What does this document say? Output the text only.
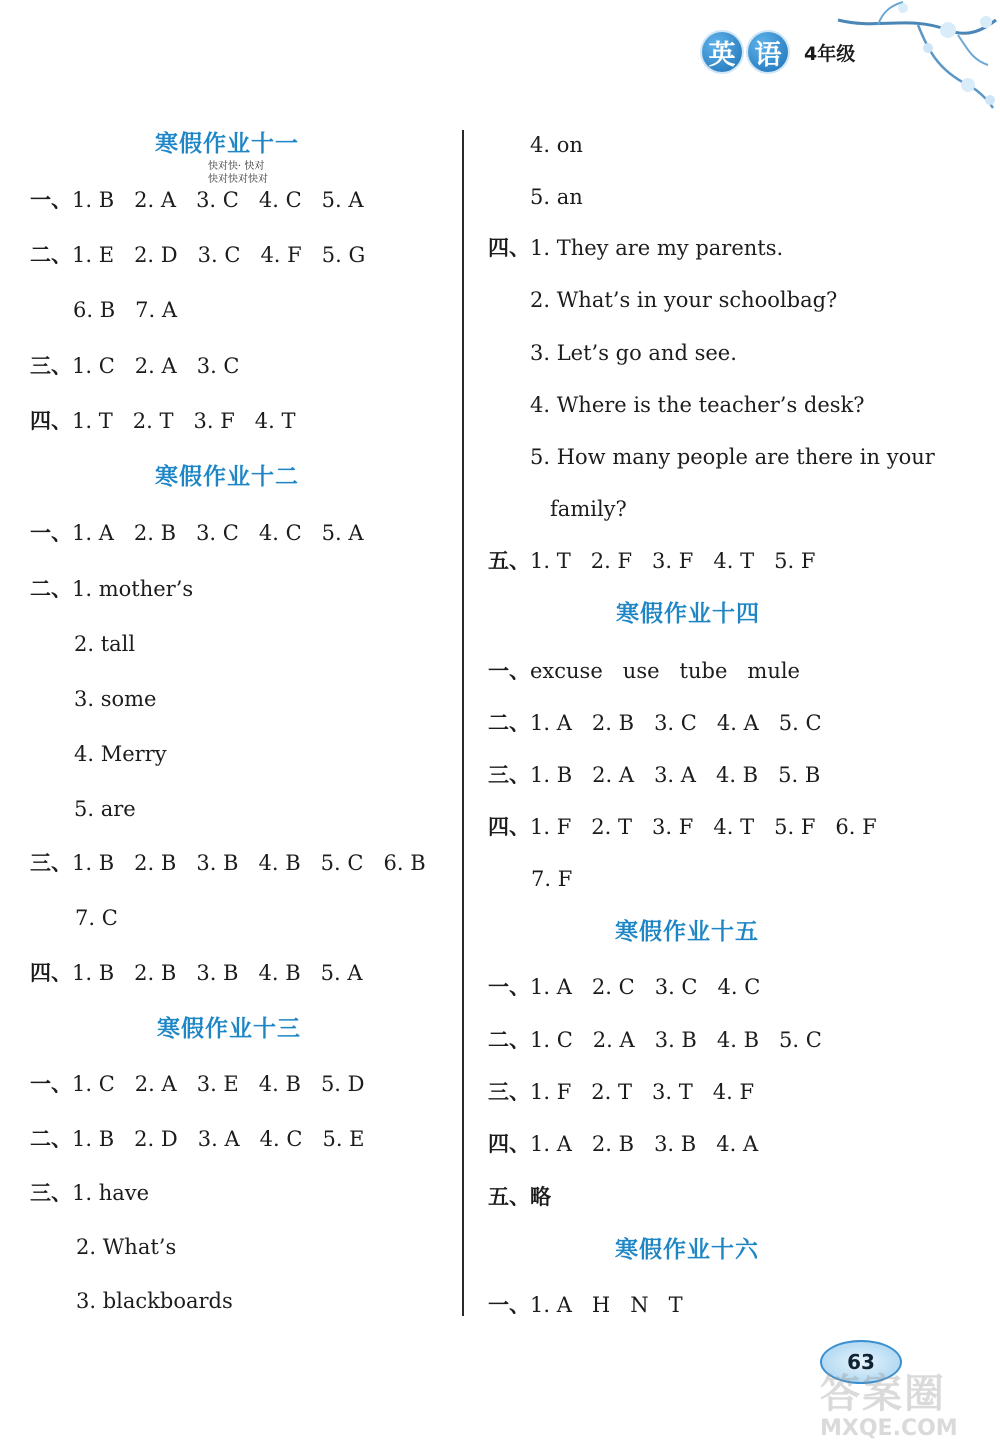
英 语	4年级
寒假作业十一
快对快· 快对
快对快对快对
一、1. B   2. A   3. C   4. C   5. A
二、1. E   2. D   3. C   4. F   5. G
6. B   7. A
三、1. C   2. A   3. C
四、1. T   2. T   3. F   4. T
寒假作业十二
一、1. A   2. B   3. C   4. C   5. A
二、1. mother’s
2. tall
3. some
4. Merry
5. are
三、1. B   2. B   3. B   4. B   5. C   6. B
7. C
四、1. B   2. B   3. B   4. B   5. A
寒假作业十三
一、1. C   2. A   3. E   4. B   5. D
二、1. B   2. D   3. A   4. C   5. E
三、1. have
2. What’s
3. blackboards
4. on
5. an
四、1. They are my parents.
2. What’s in your schoolbag?
3. Let’s go and see.
4. Where is the teacher’s desk?
5. How many people are there in your
family?
五、1. T   2. F   3. F   4. T   5. F
寒假作业十四
一、excuse   use   tube   mule
二、1. A   2. B   3. C   4. A   5. C
三、1. B   2. A   3. A   4. B   5. B
四、1. F   2. T   3. F   4. T   5. F   6. F
7. F
寒假作业十五
一、1. A   2. C   3. C   4. C
二、1. C   2. A   3. B   4. B   5. C
三、1. F   2. T   3. T   4. F
四、1. A   2. B   3. B   4. A
五、略
寒假作业十六
一、1. A   H   N   T
63
答案圈
MXQE.COM
